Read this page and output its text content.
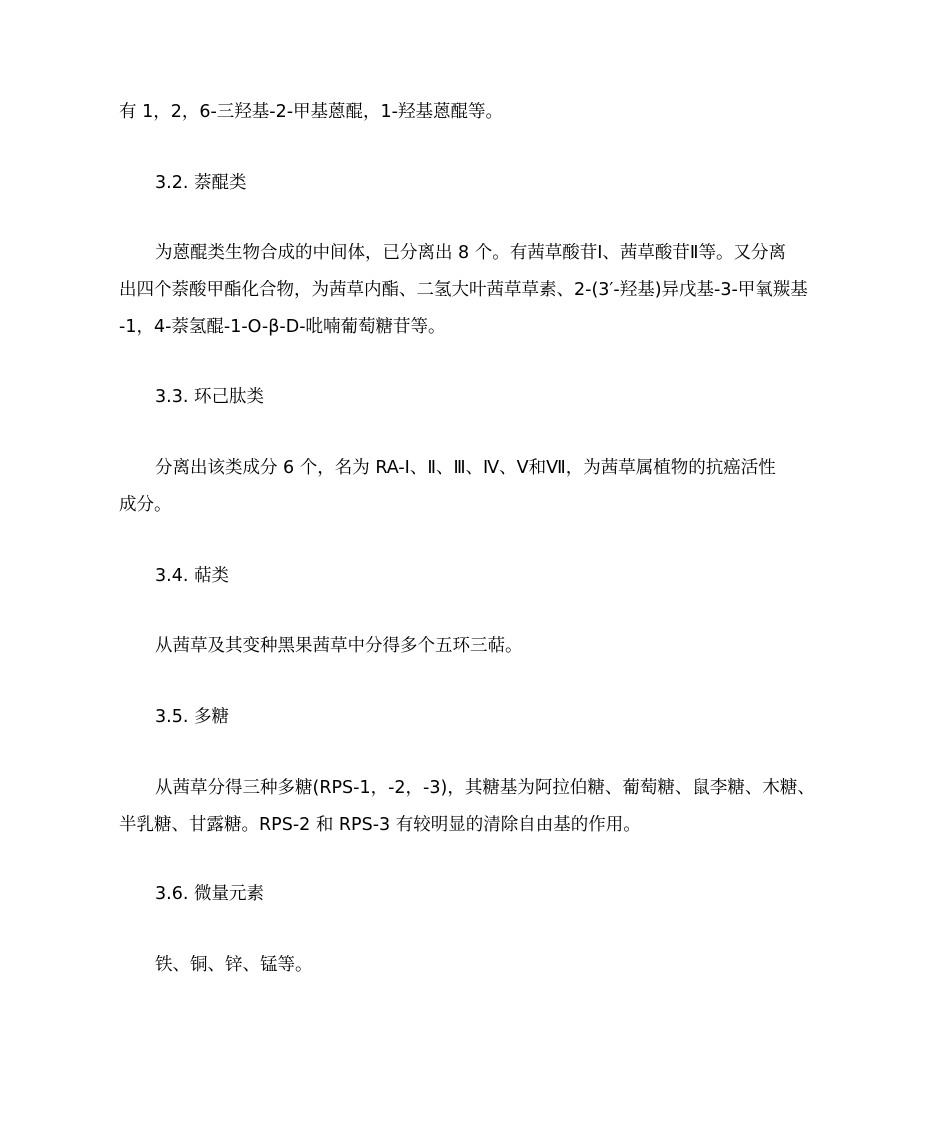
有 1，2，6-三羟基-2-甲基蒽醌，1-羟基蒽醌等。
3.2. 萘醌类
为蒽醌类生物合成的中间体，已分离出 8 个。有茜草酸苷Ⅰ、茜草酸苷Ⅱ等。又分离
出四个萘酸甲酯化合物，为茜草内酯、二氢大叶茜草草素、2-(3′-羟基)异戊基-3-甲氧羰基
-1，4-萘氢醌-1-O-β-D-吡喃葡萄糖苷等。
3.3. 环己肽类
分离出该类成分 6 个，名为 RA-Ⅰ、Ⅱ、Ⅲ、Ⅳ、Ⅴ和Ⅶ，为茜草属植物的抗癌活性
成分。
3.4. 萜类
从茜草及其变种黑果茜草中分得多个五环三萜。
3.5. 多糖
从茜草分得三种多糖(RPS-1，-2，-3)，其糖基为阿拉伯糖、葡萄糖、鼠李糖、木糖、
半乳糖、甘露糖。RPS-2 和 RPS-3 有较明显的清除自由基的作用。
3.6. 微量元素
铁、铜、锌、锰等。
